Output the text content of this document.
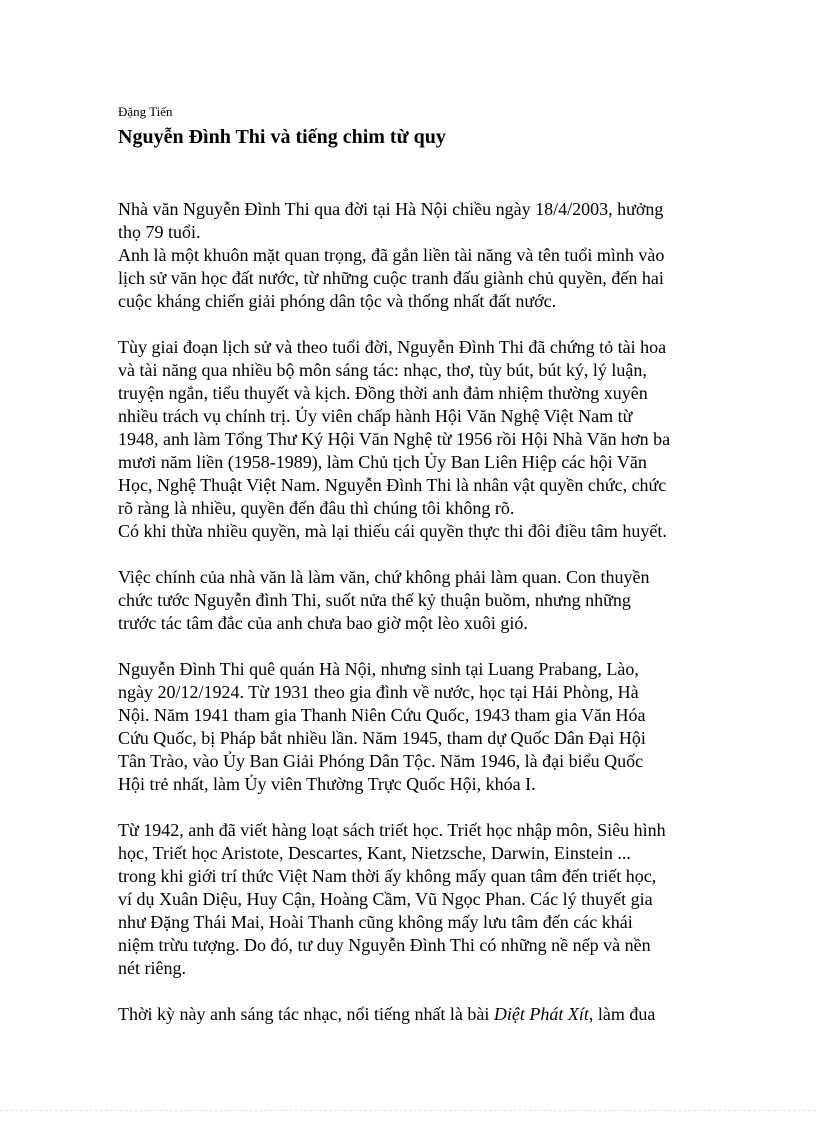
Đặng Tiến

Nguyễn Đình Thi và tiếng chim từ quy

Nhà văn Nguyễn Đình Thi qua đời tại Hà Nội chiều ngày 18/4/2003, hưởng
thọ 79 tuổi.
Anh là một khuôn mặt quan trọng, đã gắn liền tài năng và tên tuổi mình vào
lịch sử văn học đất nước, từ những cuộc tranh đấu giành chủ quyền, đến hai
cuộc kháng chiến giải phóng dân tộc và thống nhất đất nước.

Tùy giai đoạn lịch sử và theo tuổi đời, Nguyễn Đình Thi đã chứng tỏ tài hoa
và tài năng qua nhiều bộ môn sáng tác: nhạc, thơ, tùy bút, bút ký, lý luận,
truyện ngắn, tiểu thuyết và kịch. Đồng thời anh đảm nhiệm thường xuyên
nhiều trách vụ chính trị. Ủy viên chấp hành Hội Văn Nghệ Việt Nam từ
1948, anh làm Tổng Thư Ký Hội Văn Nghệ từ 1956 rồi Hội Nhà Văn hơn ba
mươi năm liền (1958-1989), làm Chủ tịch Ủy Ban Liên Hiệp các hội Văn
Học, Nghệ Thuật Việt Nam. Nguyễn Đình Thi là nhân vật quyền chức, chức
rõ ràng là nhiều, quyền đến đâu thì chúng tôi không rõ.
Có khi thừa nhiều quyền, mà lại thiếu cái quyền thực thi đôi điều tâm huyết.

Việc chính của nhà văn là làm văn, chứ không phải làm quan. Con thuyền
chức tước Nguyễn đình Thi, suốt nửa thế kỷ thuận buồm, nhưng những
trước tác tâm đắc của anh chưa bao giờ một lèo xuôi gió.

Nguyễn Đình Thi quê quán Hà Nội, nhưng sinh tại Luang Prabang, Lào,
ngày 20/12/1924. Từ 1931 theo gia đình về nước, học tại Hải Phòng, Hà
Nội. Năm 1941 tham gia Thanh Niên Cứu Quốc, 1943 tham gia Văn Hóa
Cứu Quốc, bị Pháp bắt nhiều lần. Năm 1945, tham dự Quốc Dân Đại Hội
Tân Trào, vào Ủy Ban Giải Phóng Dân Tộc. Năm 1946, là đại biểu Quốc
Hội trẻ nhất, làm Ủy viên Thường Trực Quốc Hội, khóa I.

Từ 1942, anh đã viết hàng loạt sách triết học. Triết học nhập môn, Siêu hình
học, Triết học Aristote, Descartes, Kant, Nietzsche, Darwin, Einstein ...
trong khi giới trí thức Việt Nam thời ấy không mấy quan tâm đến triết học,
ví dụ Xuân Diệu, Huy Cận, Hoàng Cầm, Vũ Ngọc Phan. Các lý thuyết gia
như Đặng Thái Mai, Hoài Thanh cũng không mấy lưu tâm đến các khái
niệm trừu tượng. Do đó, tư duy Nguyễn Đình Thi có những nề nếp và nền
nét riêng.

Thời kỳ này anh sáng tác nhạc, nổi tiếng nhất là bài Diệt Phát Xít, làm đua
